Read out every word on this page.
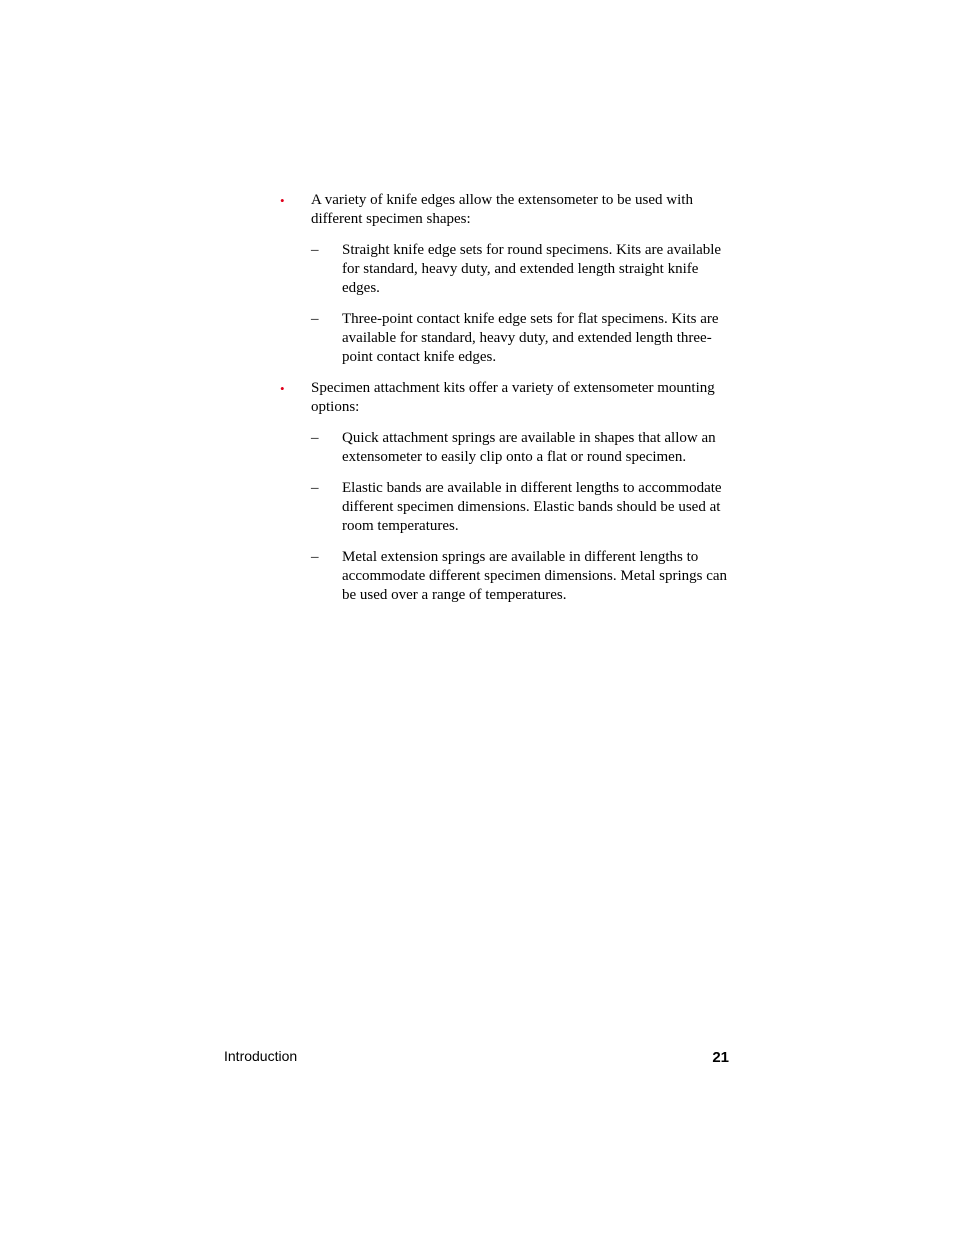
• A variety of knife edges allow the extensometer to be used with different specimen shapes:
– Straight knife edge sets for round specimens. Kits are available for standard, heavy duty, and extended length straight knife edges.
– Three-point contact knife edge sets for flat specimens. Kits are available for standard, heavy duty, and extended length three-point contact knife edges.
• Specimen attachment kits offer a variety of extensometer mounting options:
– Quick attachment springs are available in shapes that allow an extensometer to easily clip onto a flat or round specimen.
– Elastic bands are available in different lengths to accommodate different specimen dimensions. Elastic bands should be used at room temperatures.
– Metal extension springs are available in different lengths to accommodate different specimen dimensions. Metal springs can be used over a range of temperatures.
Introduction	21
